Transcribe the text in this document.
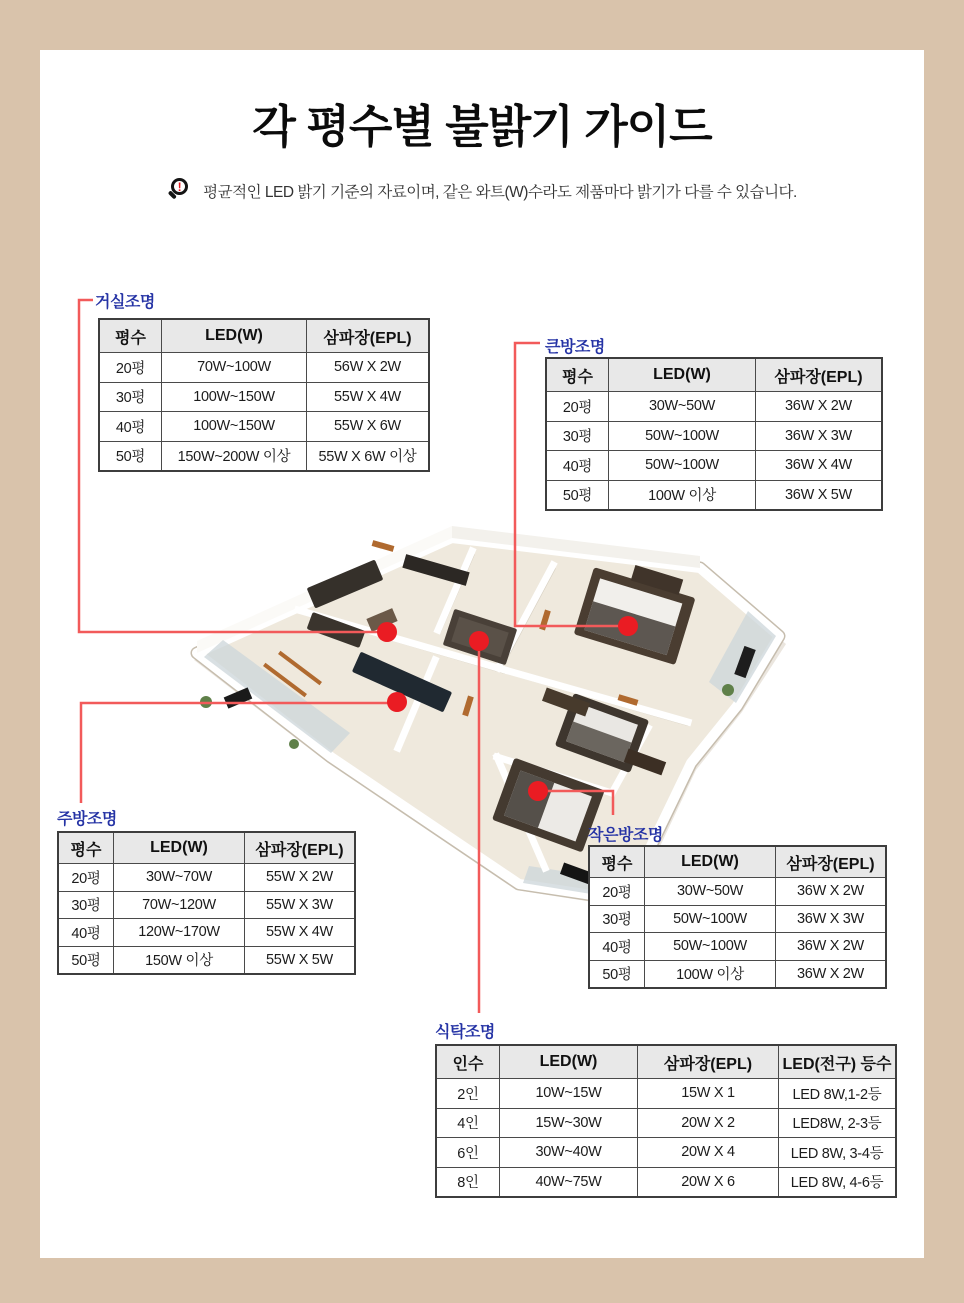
각 평수별 불밝기 가이드
!	평균적인 LED 밝기 기준의 자료이며, 같은 와트(W)수라도 제품마다 밝기가 다를 수 있습니다.
거실조명
큰방조명
주방조명
작은방조명
식탁조명
평수	LED(W)	삼파장(EPL)
20평	70W~100W	56W X 2W
30평	100W~150W	55W X 4W
40평	100W~150W	55W X 6W
50평	150W~200W 이상	55W X 6W 이상
평수	LED(W)	삼파장(EPL)
20평	30W~50W	36W X 2W
30평	50W~100W	36W X 3W
40평	50W~100W	36W X 4W
50평	100W 이상	36W X 5W
평수	LED(W)	삼파장(EPL)
20평	30W~70W	55W X 2W
30평	70W~120W	55W X 3W
40평	120W~170W	55W X 4W
50평	150W 이상	55W X 5W
평수	LED(W)	삼파장(EPL)
20평	30W~50W	36W X 2W
30평	50W~100W	36W X 3W
40평	50W~100W	36W X 2W
50평	100W 이상	36W X 2W
인수	LED(W)	삼파장(EPL)	LED(전구) 등수
2인	10W~15W	15W X 1	LED 8W,1-2등
4인	15W~30W	20W X 2	LED8W, 2-3등
6인	30W~40W	20W X 4	LED 8W, 3-4등
8인	40W~75W	20W X 6	LED 8W, 4-6등
